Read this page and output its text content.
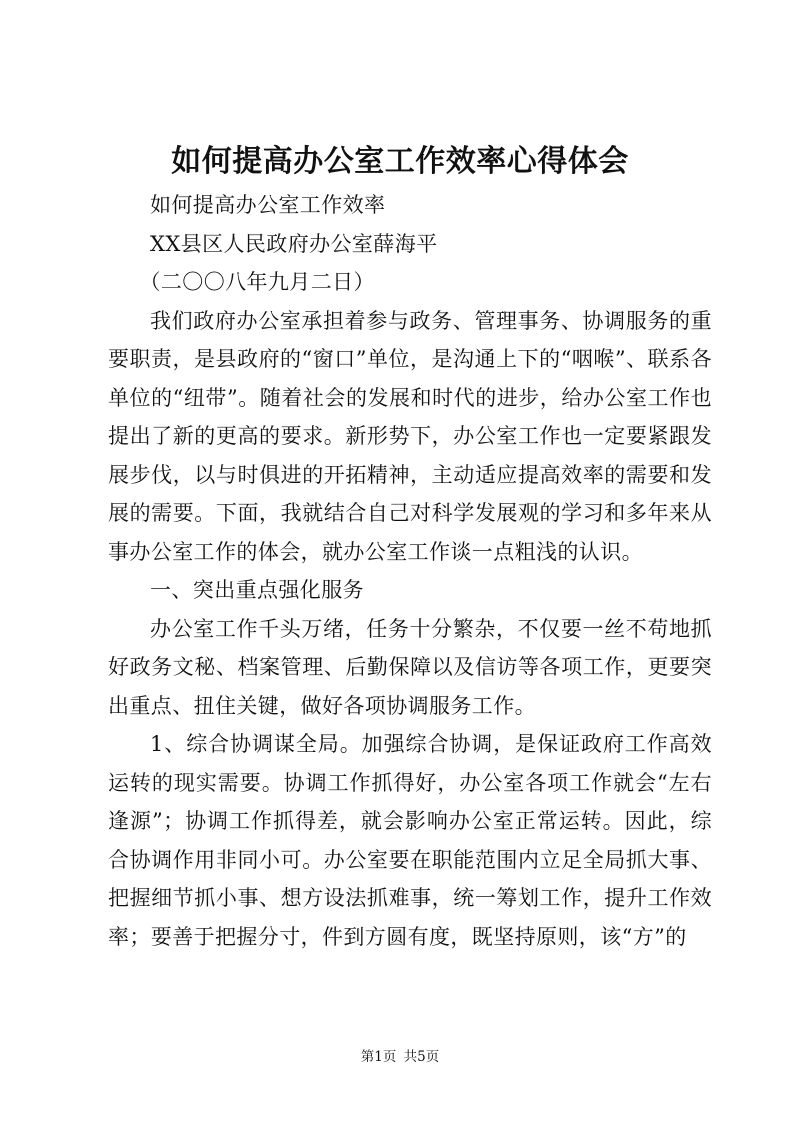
如何提高办公室工作效率心得体会

如何提高办公室工作效率

XX县区人民政府办公室薛海平

（二〇〇八年九月二日）

我们政府办公室承担着参与政务、管理事务、协调服务的重要职责，是县政府的“窗口”单位，是沟通上下的“咽喉”、联系各单位的“纽带”。随着社会的发展和时代的进步，给办公室工作也提出了新的更高的要求。新形势下，办公室工作也一定要紧跟发展步伐，以与时俱进的开拓精神，主动适应提高效率的需要和发展的需要。下面，我就结合自己对科学发展观的学习和多年来从事办公室工作的体会，就办公室工作谈一点粗浅的认识。

一、突出重点强化服务

办公室工作千头万绪，任务十分繁杂，不仅要一丝不苟地抓好政务文秘、档案管理、后勤保障以及信访等各项工作，更要突出重点、扭住关键，做好各项协调服务工作。

1、综合协调谋全局。加强综合协调，是保证政府工作高效运转的现实需要。协调工作抓得好，办公室各项工作就会“左右逢源”；协调工作抓得差，就会影响办公室正常运转。因此，综合协调作用非同小可。办公室要在职能范围内立足全局抓大事、把握细节抓小事、想方设法抓难事，统一筹划工作，提升工作效率；要善于把握分寸，件到方圆有度，既坚持原则，该“方”的

第1页 共5页
